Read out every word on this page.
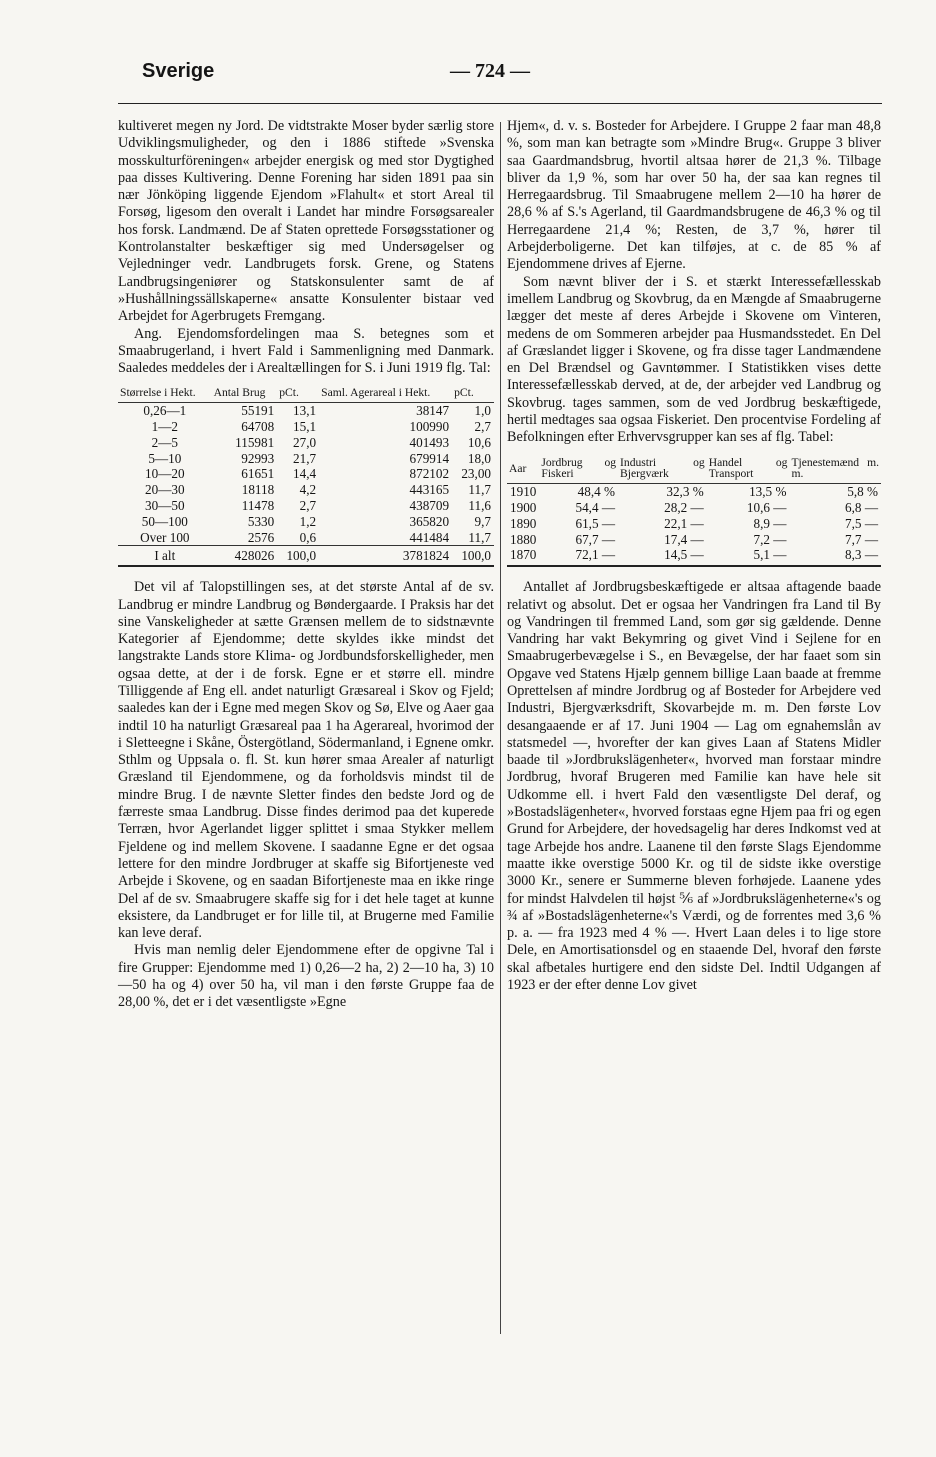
Sverige	— 724 —

kultiveret megen ny Jord. De vidtstrakte Moser byder særlig store Udviklingsmuligheder, og den i 1886 stiftede »Svenska mosskulturföreningen« arbejder energisk og med stor Dygtighed paa disses Kultivering. Denne Forening har siden 1891 paa sin nær Jönköping liggende Ejendom »Flahult« et stort Areal til Forsøg, ligesom den overalt i Landet har mindre Forsøgsarealer hos forsk. Landmænd. De af Staten oprettede Forsøgsstationer og Kontrolanstalter beskæftiger sig med Undersøgelser og Vejledninger vedr. Landbrugets forsk. Grene, og Statens Landbrugsingeniører og Statskonsulenter samt de af »Hushållningssällskaperne« ansatte Konsulenter bistaar ved Arbejdet for Agerbrugets Fremgang.

Ang. Ejendomsfordelingen maa S. betegnes som et Smaabrugerland, i hvert Fald i Sammenligning med Danmark. Saaledes meddeles der i Arealtællingen for S. i Juni 1919 flg. Tal:

Størrelse i Hekt.	Antal Brug	pCt.	Saml. Agerareal i Hekt.	pCt.
0,26—1	55191	13,1	38147	1,0
1—2	64708	15,1	100990	2,7
2—5	115981	27,0	401493	10,6
5—10	92993	21,7	679914	18,0
10—20	61651	14,4	872102	23,00
20—30	18118	4,2	443165	11,7
30—50	11478	2,7	438709	11,6
50—100	5330	1,2	365820	9,7
Over 100	2576	0,6	441484	11,7
I alt	428026	100,0	3781824	100,0

Det vil af Talopstillingen ses, at det største Antal af de sv. Landbrug er mindre Landbrug og Bøndergaarde. I Praksis har det sine Vanskeligheder at sætte Grænsen mellem de to sidstnævnte Kategorier af Ejendomme; dette skyldes ikke mindst det langstrakte Lands store Klima- og Jordbundsforskelligheder, men ogsaa dette, at der i de forsk. Egne er et større ell. mindre Tilliggende af Eng ell. andet naturligt Græsareal i Skov og Fjeld; saaledes kan der i Egne med megen Skov og Sø, Elve og Aaer gaa indtil 10 ha naturligt Græsareal paa 1 ha Agerareal, hvorimod der i Sletteegne i Skåne, Östergötland, Södermanland, i Egnene omkr. Sthlm og Uppsala o. fl. St. kun hører smaa Arealer af naturligt Græsland til Ejendommene, og da forholdsvis mindst til de mindre Brug. I de nævnte Sletter findes den bedste Jord og de færreste smaa Landbrug. Disse findes derimod paa det kuperede Terræn, hvor Agerlandet ligger splittet i smaa Stykker mellem Fjeldene og ind mellem Skovene. I saadanne Egne er det ogsaa lettere for den mindre Jordbruger at skaffe sig Bifortjeneste ved Arbejde i Skovene, og en saadan Bifortjeneste maa en ikke ringe Del af de sv. Smaabrugere skaffe sig for i det hele taget at kunne eksistere, da Landbruget er for lille til, at Brugerne med Familie kan leve deraf.

Hvis man nemlig deler Ejendommene efter de opgivne Tal i fire Grupper: Ejendomme med 1) 0,26—2 ha, 2) 2—10 ha, 3) 10—50 ha og 4) over 50 ha, vil man i den første Gruppe faa de 28,00 %, det er i det væsentligste »Egne

Hjem«, d. v. s. Bosteder for Arbejdere. I Gruppe 2 faar man 48,8 %, som man kan betragte som »Mindre Brug«. Gruppe 3 bliver saa Gaardmandsbrug, hvortil altsaa hører de 21,3 %. Tilbage bliver da 1,9 %, som har over 50 ha, der saa kan regnes til Herregaardsbrug. Til Smaabrugene mellem 2—10 ha hører de 28,6 % af S.'s Agerland, til Gaardmandsbrugene de 46,3 % og til Herregaardene 21,4 %; Resten, de 3,7 %, hører til Arbejderboligerne. Det kan tilføjes, at c. de 85 % af Ejendommene drives af Ejerne.

Som nævnt bliver der i S. et stærkt Interessefællesskab imellem Landbrug og Skovbrug, da en Mængde af Smaabrugerne lægger det meste af deres Arbejde i Skovene om Vinteren, medens de om Sommeren arbejder paa Husmandsstedet. En Del af Græslandet ligger i Skovene, og fra disse tager Landmændene en Del Brændsel og Gavntømmer. I Statistikken vises dette Interessefællesskab derved, at de, der arbejder ved Landbrug og Skovbrug. tages sammen, som de ved Jordbrug beskæftigede, hertil medtages saa ogsaa Fiskeriet. Den procentvise Fordeling af Befolkningen efter Erhvervsgrupper kan ses af flg. Tabel:

Aar	Jordbrug og Fiskeri	Industri og Bjergværk	Handel og Transport	Tjenestemænd m. m.
1910	48,4 %	32,3 %	13,5 %	5,8 %
1900	54,4 —	28,2 —	10,6 —	6,8 —
1890	61,5 —	22,1 —	8,9 —	7,5 —
1880	67,7 —	17,4 —	7,2 —	7,7 —
1870	72,1 —	14,5 —	5,1 —	8,3 —

Antallet af Jordbrugsbeskæftigede er altsaa aftagende baade relativt og absolut. Det er ogsaa her Vandringen fra Land til By og Vandringen til fremmed Land, som gør sig gældende. Denne Vandring har vakt Bekymring og givet Vind i Sejlene for en Smaabrugerbevægelse i S., en Bevægelse, der har faaet som sin Opgave ved Statens Hjælp gennem billige Laan baade at fremme Oprettelsen af mindre Jordbrug og af Bosteder for Arbejdere ved Industri, Bjergværksdrift, Skovarbejde m. m. Den første Lov desangaaende er af 17. Juni 1904 — Lag om egnahemslån av statsmedel —, hvorefter der kan gives Laan af Statens Midler baade til »Jordbrukslägenheter«, hvorved man forstaar mindre Jordbrug, hvoraf Brugeren med Familie kan have hele sit Udkomme ell. i hvert Fald den væsentligste Del deraf, og »Bostadslägenheter«, hvorved forstaas egne Hjem paa fri og egen Grund for Arbejdere, der hovedsagelig har deres Indkomst ved at tage Arbejde hos andre. Laanene til den første Slags Ejendomme maatte ikke overstige 5000 Kr. og til de sidste ikke overstige 3000 Kr., senere er Summerne bleven forhøjede. Laanene ydes for mindst Halvdelen til højst ⅚ af »Jordbrukslägenheterne«'s og ¾ af »Bostadslägenheterne«'s Værdi, og de forrentes med 3,6 % p. a. — fra 1923 med 4 % —. Hvert Laan deles i to lige store Dele, en Amortisationsdel og en staaende Del, hvoraf den første skal afbetales hurtigere end den sidste Del. Indtil Udgangen af 1923 er der efter denne Lov givet
